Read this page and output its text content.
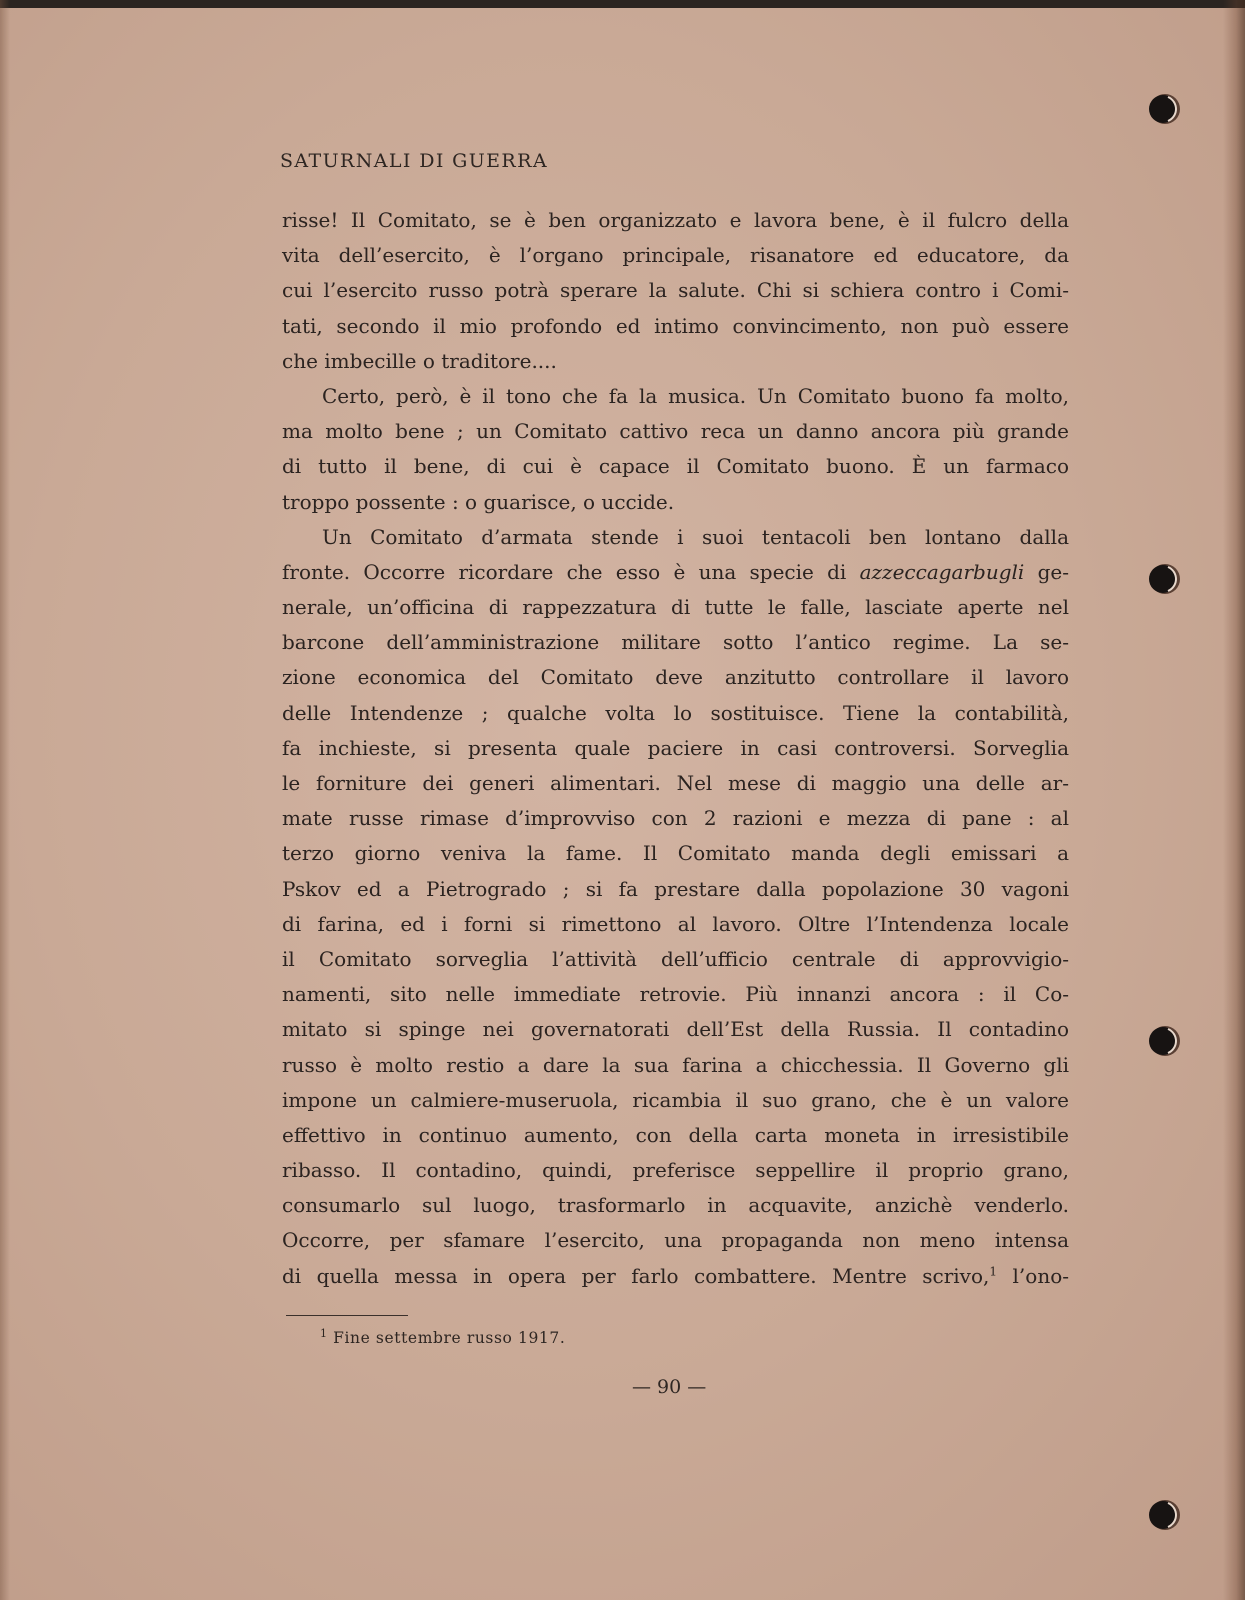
SATURNALI DI GUERRA
risse! Il Comitato, se è ben organizzato e lavora bene, è il fulcro della
vita dell’esercito, è l’organo principale, risanatore ed educatore, da
cui l’esercito russo potrà sperare la salute. Chi si schiera contro i Comi-
tati, secondo il mio profondo ed intimo convincimento, non può essere
che imbecille o traditore....
Certo, però, è il tono che fa la musica. Un Comitato buono fa molto,
ma molto bene ; un Comitato cattivo reca un danno ancora più grande
di tutto il bene, di cui è capace il Comitato buono. È un farmaco
troppo possente : o guarisce, o uccide.
Un Comitato d’armata stende i suoi tentacoli ben lontano dalla
fronte. Occorre ricordare che esso è una specie di azzeccagarbugli ge-
nerale, un’officina di rappezzatura di tutte le falle, lasciate aperte nel
barcone dell’amministrazione militare sotto l’antico regime. La se-
zione economica del Comitato deve anzitutto controllare il lavoro
delle Intendenze ; qualche volta lo sostituisce. Tiene la contabilità,
fa inchieste, si presenta quale paciere in casi controversi. Sorveglia
le forniture dei generi alimentari. Nel mese di maggio una delle ar-
mate russe rimase d’improvviso con 2 razioni e mezza di pane : al
terzo giorno veniva la fame. Il Comitato manda degli emissari a
Pskov ed a Pietrogrado ; si fa prestare dalla popolazione 30 vagoni
di farina, ed i forni si rimettono al lavoro. Oltre l’Intendenza locale
il Comitato sorveglia l’attività dell’ufficio centrale di approvvigio-
namenti, sito nelle immediate retrovie. Più innanzi ancora : il Co-
mitato si spinge nei governatorati dell’Est della Russia. Il contadino
russo è molto restio a dare la sua farina a chicchessia. Il Governo gli
impone un calmiere-museruola, ricambia il suo grano, che è un valore
effettivo in continuo aumento, con della carta moneta in irresistibile
ribasso. Il contadino, quindi, preferisce seppellire il proprio grano,
consumarlo sul luogo, trasformarlo in acquavite, anzichè venderlo.
Occorre, per sfamare l’esercito, una propaganda non meno intensa
di quella messa in opera per farlo combattere. Mentre scrivo,$^1$ l’ono-
$^1$ Fine settembre russo 1917.
— 90 —
